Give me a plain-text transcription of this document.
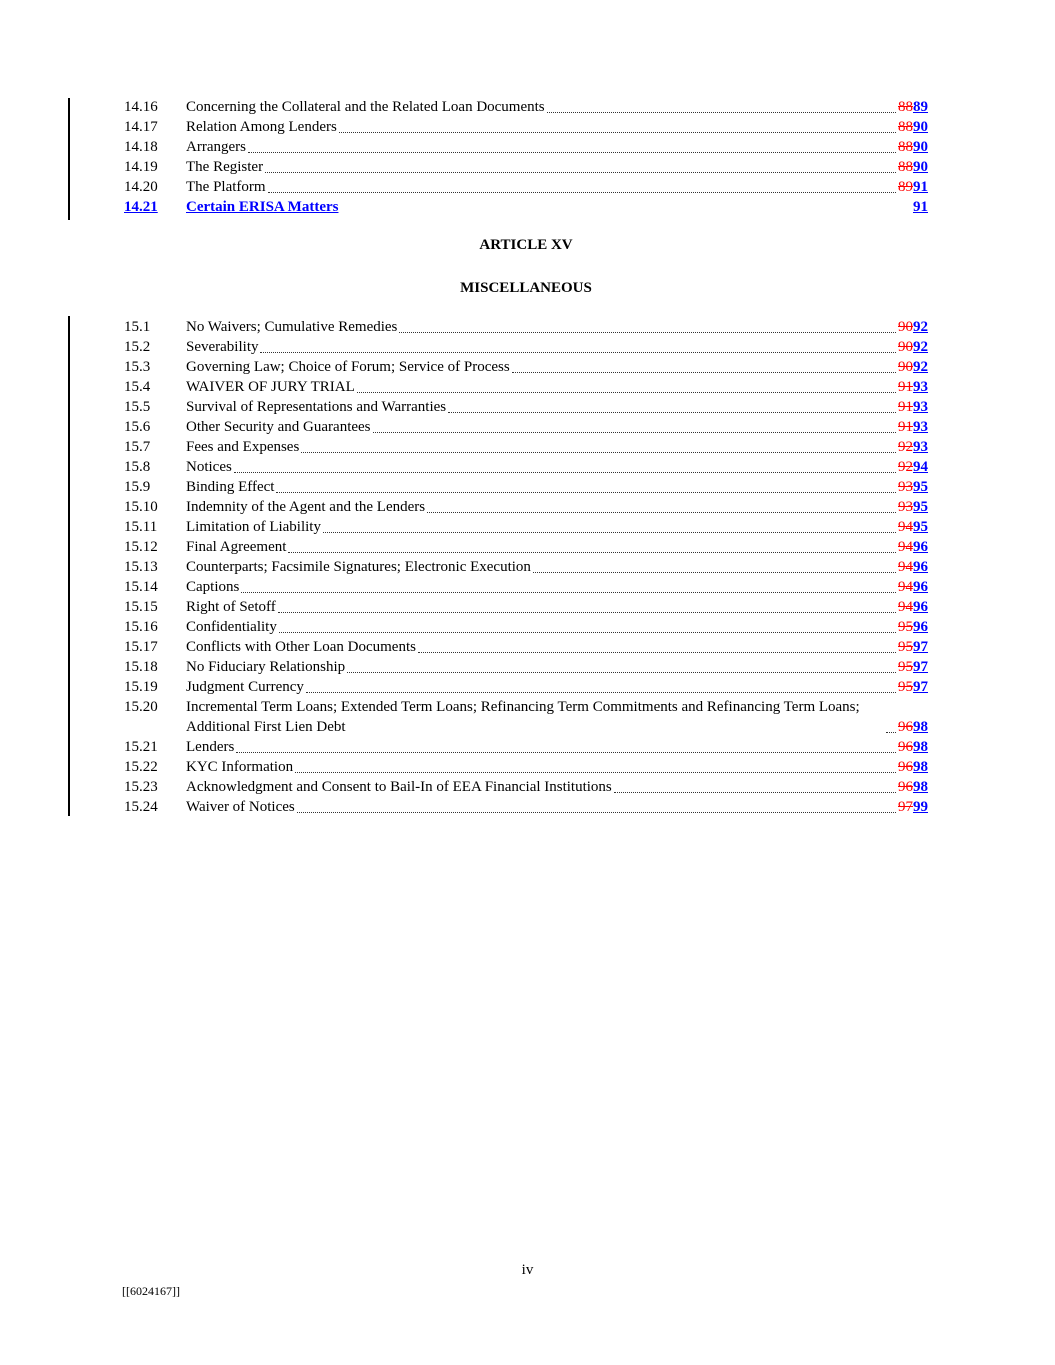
14.16	Concerning the Collateral and the Related Loan Documents	8889
14.17	Relation Among Lenders	8890
14.18	Arrangers	8890
14.19	The Register	8890
14.20	The Platform	8991
14.21	Certain ERISA Matters	91
ARTICLE XV
MISCELLANEOUS
15.1	No Waivers; Cumulative Remedies	9092
15.2	Severability	9092
15.3	Governing Law; Choice of Forum; Service of Process	9092
15.4	WAIVER OF JURY TRIAL	9193
15.5	Survival of Representations and Warranties	9193
15.6	Other Security and Guarantees	9193
15.7	Fees and Expenses	9293
15.8	Notices	9294
15.9	Binding Effect	9395
15.10	Indemnity of the Agent and the Lenders	9395
15.11	Limitation of Liability	9495
15.12	Final Agreement	9496
15.13	Counterparts; Facsimile Signatures; Electronic Execution	9496
15.14	Captions	9496
15.15	Right of Setoff	9496
15.16	Confidentiality	9596
15.17	Conflicts with Other Loan Documents	9597
15.18	No Fiduciary Relationship	9597
15.19	Judgment Currency	9597
15.20	Incremental Term Loans; Extended Term Loans; Refinancing Term Commitments and Refinancing Term Loans; Additional First Lien Debt	9698
15.21	Lenders	9698
15.22	KYC Information	9698
15.23	Acknowledgment and Consent to Bail-In of EEA Financial Institutions	9698
15.24	Waiver of Notices	9799
iv
[[6024167]]
